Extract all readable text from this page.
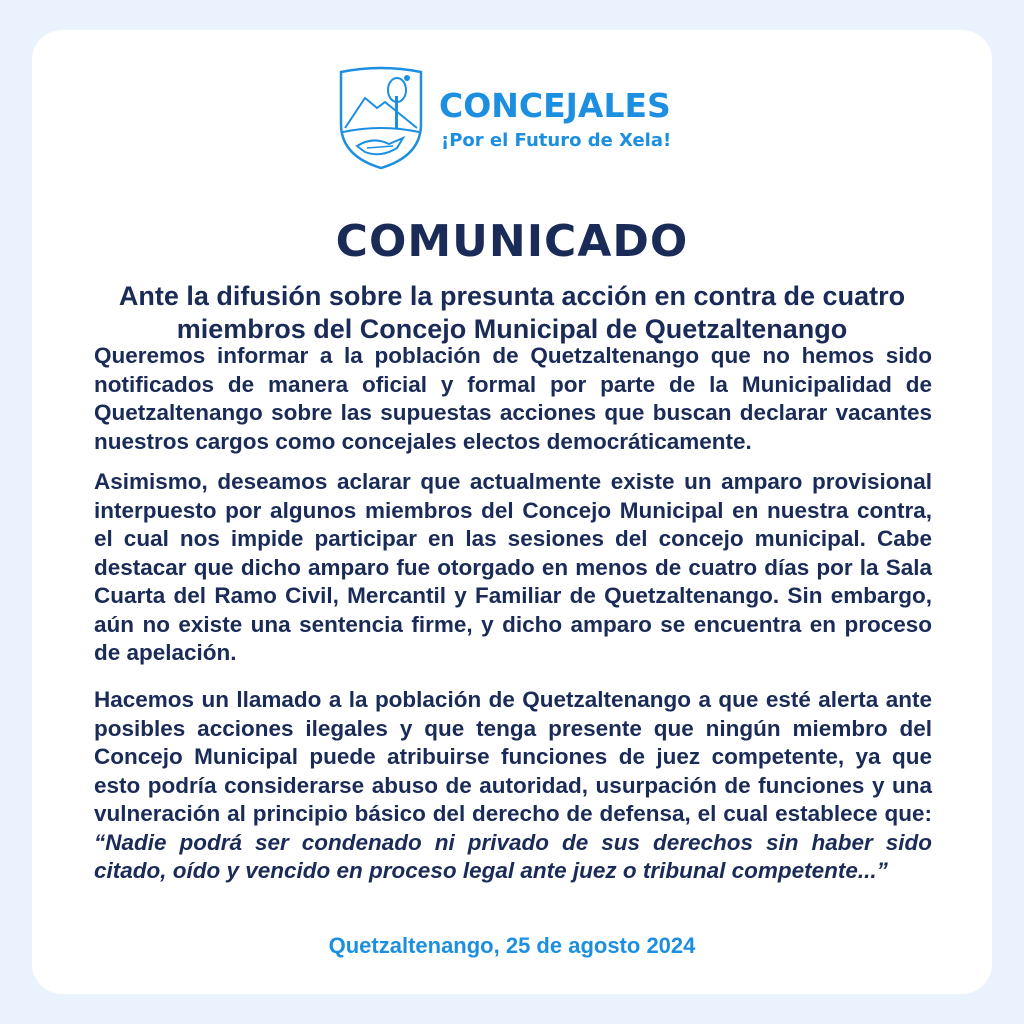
CONCEJALES
¡Por el Futuro de Xela!
COMUNICADO
Ante la difusión sobre la presunta acción en contra de cuatro miembros del Concejo Municipal de Quetzaltenango

Queremos informar a la población de Quetzaltenango que no hemos sido notificados de manera oficial y formal por parte de la Municipalidad de Quetzaltenango sobre las supuestas acciones que buscan declarar vacantes nuestros cargos como concejales electos democráticamente.

Asimismo, deseamos aclarar que actualmente existe un amparo provisional interpuesto por algunos miembros del Concejo Municipal en nuestra contra, el cual nos impide participar en las sesiones del concejo municipal. Cabe destacar que dicho amparo fue otorgado en menos de cuatro días por la Sala Cuarta del Ramo Civil, Mercantil y Familiar de Quetzaltenango. Sin embargo, aún no existe una sentencia firme, y dicho amparo se encuentra en proceso de apelación.

Hacemos un llamado a la población de Quetzaltenango a que esté alerta ante posibles acciones ilegales y que tenga presente que ningún miembro del Concejo Municipal puede atribuirse funciones de juez competente, ya que esto podría considerarse abuso de autoridad, usurpación de funciones y una vulneración al principio básico del derecho de defensa, el cual establece que: “Nadie podrá ser condenado ni privado de sus derechos sin haber sido citado, oído y vencido en proceso legal ante juez o tribunal competente...”

Quetzaltenango, 25 de agosto 2024
